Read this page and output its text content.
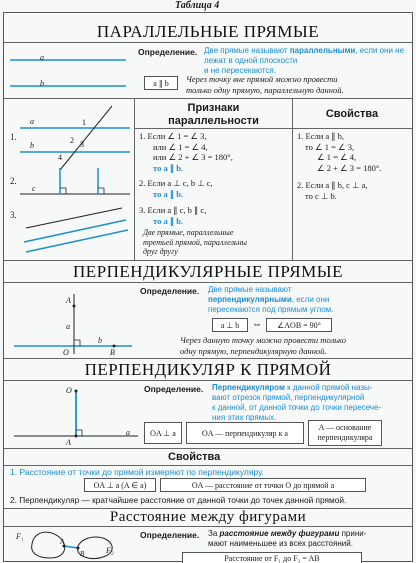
Таблица 4
ПАРАЛЛЕЛЬНЫЕ ПРЯМЫЕ
a
b
Определение. Две прямые называют параллельными, если они не лежат в одной плоскости
и не пересекаются.
a ∥ b	Через точку вне прямой можно провести
только одну прямую, параллельную данной.
Признаки
параллельности
Свойства
1.
a
b
1
2 3
4
2.
c
3.
1. Если ∠ 1 = ∠ 3,
или ∠ 1 = ∠ 4,
или ∠ 2 + ∠ 3 = 180°,
то a ∥ b.
2. Если a ⊥ c, b ⊥ c,
то a ∥ b.
3. Если a ∥ c, b ∥ c,
то a ∥ b.
Две прямые, параллельные
третьей прямой, параллельны
друг другу
1. Если a ∥ b,
то ∠ 1 = ∠ 3,
∠ 1 = ∠ 4,
∠ 2 + ∠ 3 = 180°.
2. Если a ∥ b, c ⊥ a,
то c ⊥ b.
ПЕРПЕНДИКУЛЯРНЫЕ ПРЯМЫЕ
A
O	B
a
b
Определение. Две прямые называют
перпендикулярными, если они
пересекаются под прямым углом.
a ⊥ b	⇔	∠AOB = 90°
Через данную точку можно провести только
одну прямую, перпендикулярную данной.
ПЕРПЕНДИКУЛЯР К ПРЯМОЙ
O
A
a
Определение. Перпендикуляром к данной прямой назы-
вают отрезок прямой, перпендикулярной
к данной, от данной точки до точки пересече-
ния этих прямых.
OA ⊥ a	OA — перпендикуляр к a
A — основание
перпендикуляра
Свойства
1. Расстояние от точки до прямой измеряют по перпендикуляру.
OA ⊥ a (A ∈ a)	OA — расстояние от точки O до прямой a
2. Перпендикуляр — кратчайшее расстояние от данной точки до точек данной прямой.
Расстояние между фигурами
F₁
F₂
A
B
Определение. За расстояние между фигурами прини-
мают наименьшее из всех расстояний.
Расстояние от F₁ до F₂ = AB
